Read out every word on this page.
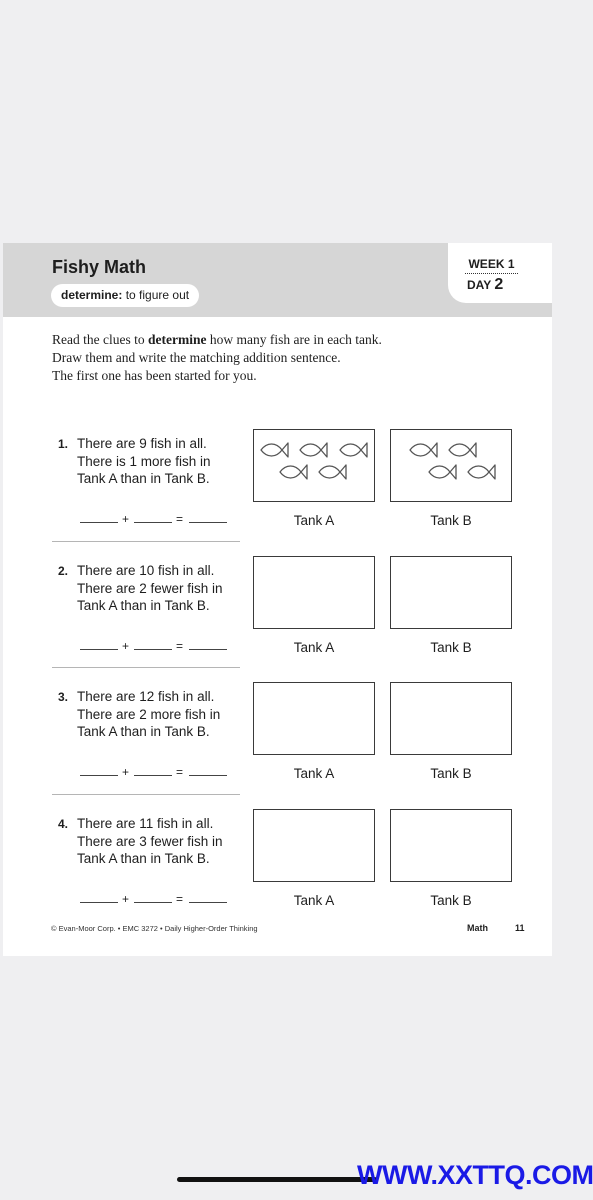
Fishy Math
determine: to figure out
WEEK 1
DAY 2
Read the clues to determine how many fish are in each tank.
Draw them and write the matching addition sentence.
The first one has been started for you.
1. There are 9 fish in all.
There is 1 more fish in
Tank A than in Tank B.
+	=	Tank A	Tank B
2. There are 10 fish in all.
There are 2 fewer fish in
Tank A than in Tank B.
+	=	Tank A	Tank B
3. There are 12 fish in all.
There are 2 more fish in
Tank A than in Tank B.
+	=	Tank A	Tank B
4. There are 11 fish in all.
There are 3 fewer fish in
Tank A than in Tank B.
+	=	Tank A	Tank B
© Evan-Moor Corp. • EMC 3272 • Daily Higher-Order Thinking	Math	11
WWW.XXTTQ.COM
